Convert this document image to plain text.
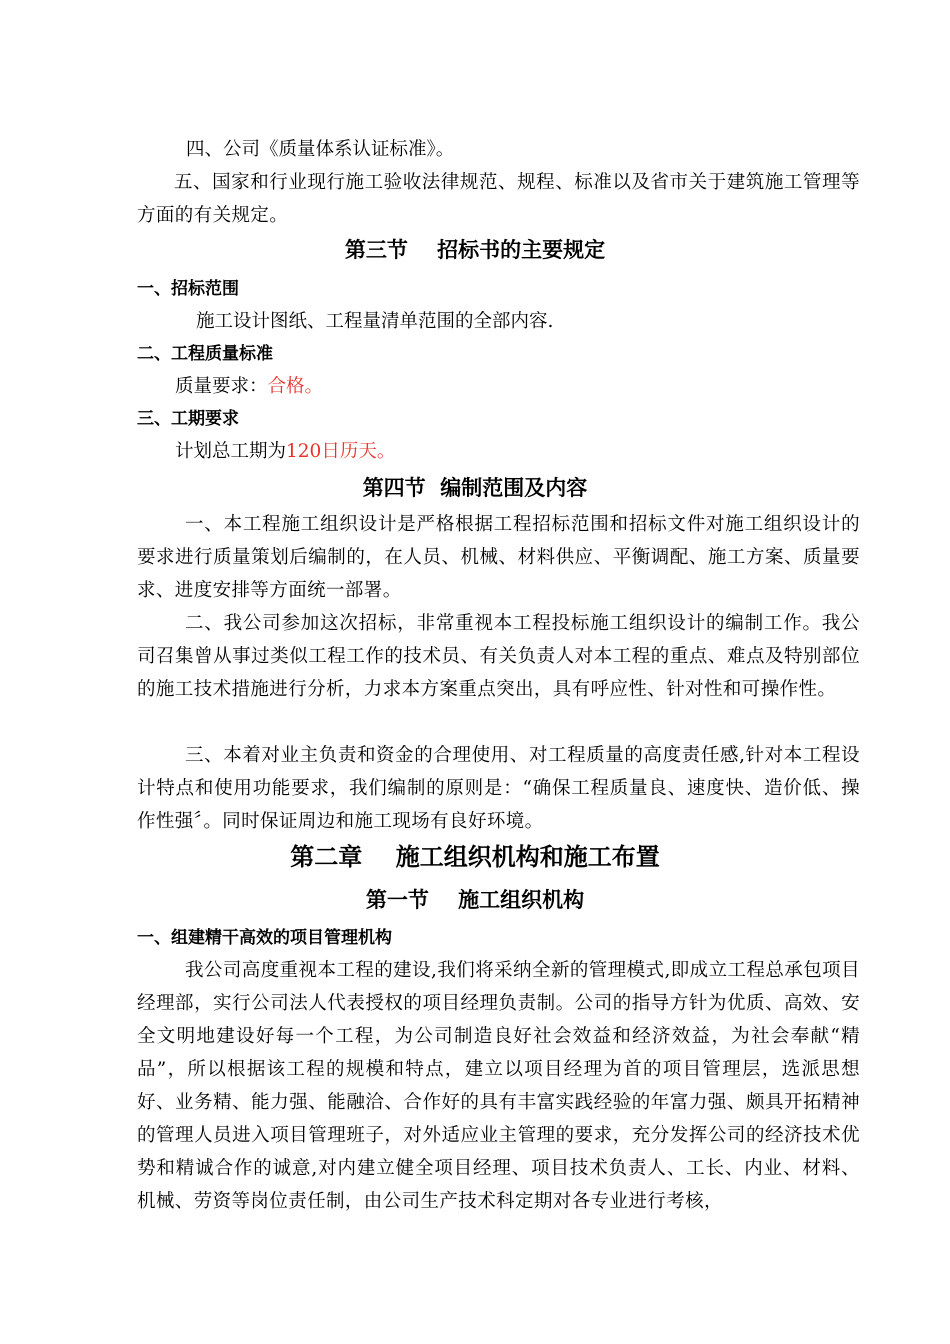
四、公司《质量体系认证标准》。

五、国家和行业现行施工验收法律规范、规程、标准以及省市关于建筑施工管理等方面的有关规定。

第三节    招标书的主要规定
一、招标范围

施工设计图纸、工程量清单范围的全部内容.

二、工程质量标准

质量要求：合格。

三、工期要求

计划总工期为120日历天。

第四节  编制范围及内容

一、本工程施工组织设计是严格根据工程招标范围和招标文件对施工组织设计的要求进行质量策划后编制的，在人员、机械、材料供应、平衡调配、施工方案、质量要求、进度安排等方面统一部署。

二、我公司参加这次招标，非常重视本工程投标施工组织设计的编制工作。我公司召集曾从事过类似工程工作的技术员、有关负责人对本工程的重点、难点及特别部位的施工技术措施进行分析，力求本方案重点突出，具有呼应性、针对性和可操作性。

三、本着对业主负责和资金的合理使用、对工程质量的高度责任感,针对本工程设计特点和使用功能要求，我们编制的原则是：“确保工程质量良、速度快、造价低、操作性强〞。同时保证周边和施工现场有良好环境。

第二章    施工组织机构和施工布置
第一节    施工组织机构
一、组建精干高效的项目管理机构

我公司高度重视本工程的建设,我们将采纳全新的管理模式,即成立工程总承包项目经理部，实行公司法人代表授权的项目经理负责制。公司的指导方针为优质、高效、安全文明地建设好每一个工程，为公司制造良好社会效益和经济效益，为社会奉献“精品”，所以根据该工程的规模和特点，建立以项目经理为首的项目管理层，选派思想好、业务精、能力强、能融洽、合作好的具有丰富实践经验的年富力强、颇具开拓精神的管理人员进入项目管理班子，对外适应业主管理的要求，充分发挥公司的经济技术优势和精诚合作的诚意,对内建立健全项目经理、项目技术负责人、工长、内业、材料、机械、劳资等岗位责任制，由公司生产技术科定期对各专业进行考核，
